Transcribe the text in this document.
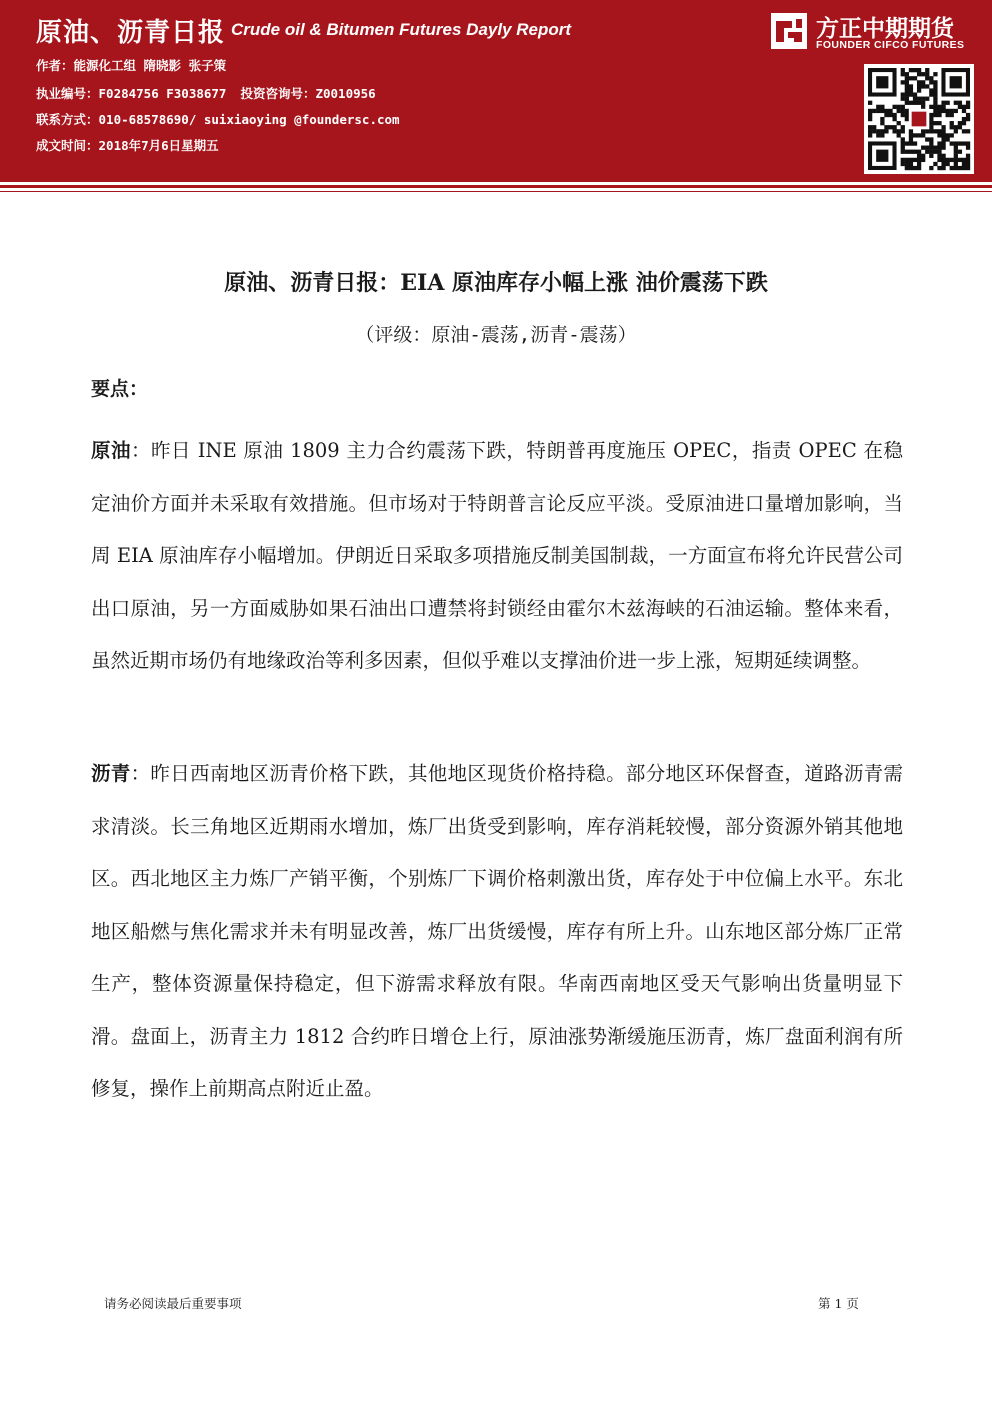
原油、沥青日报 Crude oil & Bitumen Futures Dayly Report
作者：能源化工组 隋晓影 张子策
执业编号：F0284756 F3038677 投资咨询号：Z0010956
联系方式：010-68578690/ suixiaoying @foundersc.com
成文时间：2018年7月6日星期五
方正中期期货
FOUNDER CIFCO FUTURES
原油、沥青日报：EIA 原油库存小幅上涨 油价震荡下跌
（评级：原油-震荡,沥青-震荡）
要点：
原油：昨日 INE 原油 1809 主力合约震荡下跌，特朗普再度施压 OPEC，指责 OPEC 在稳定油价方面并未采取有效措施。但市场对于特朗普言论反应平淡。受原油进口量增加影响，当周 EIA 原油库存小幅增加。伊朗近日采取多项措施反制美国制裁，一方面宣布将允许民营公司出口原油，另一方面威胁如果石油出口遭禁将封锁经由霍尔木兹海峡的石油运输。整体来看，虽然近期市场仍有地缘政治等利多因素，但似乎难以支撑油价进一步上涨，短期延续调整。
沥青：昨日西南地区沥青价格下跌，其他地区现货价格持稳。部分地区环保督查，道路沥青需求清淡。长三角地区近期雨水增加，炼厂出货受到影响，库存消耗较慢，部分资源外销其他地区。西北地区主力炼厂产销平衡，个别炼厂下调价格刺激出货，库存处于中位偏上水平。东北地区船燃与焦化需求并未有明显改善，炼厂出货缓慢，库存有所上升。山东地区部分炼厂正常生产，整体资源量保持稳定，但下游需求释放有限。华南西南地区受天气影响出货量明显下滑。盘面上，沥青主力 1812 合约昨日增仓上行，原油涨势渐缓施压沥青，炼厂盘面利润有所修复，操作上前期高点附近止盈。
请务必阅读最后重要事项	第 1 页
